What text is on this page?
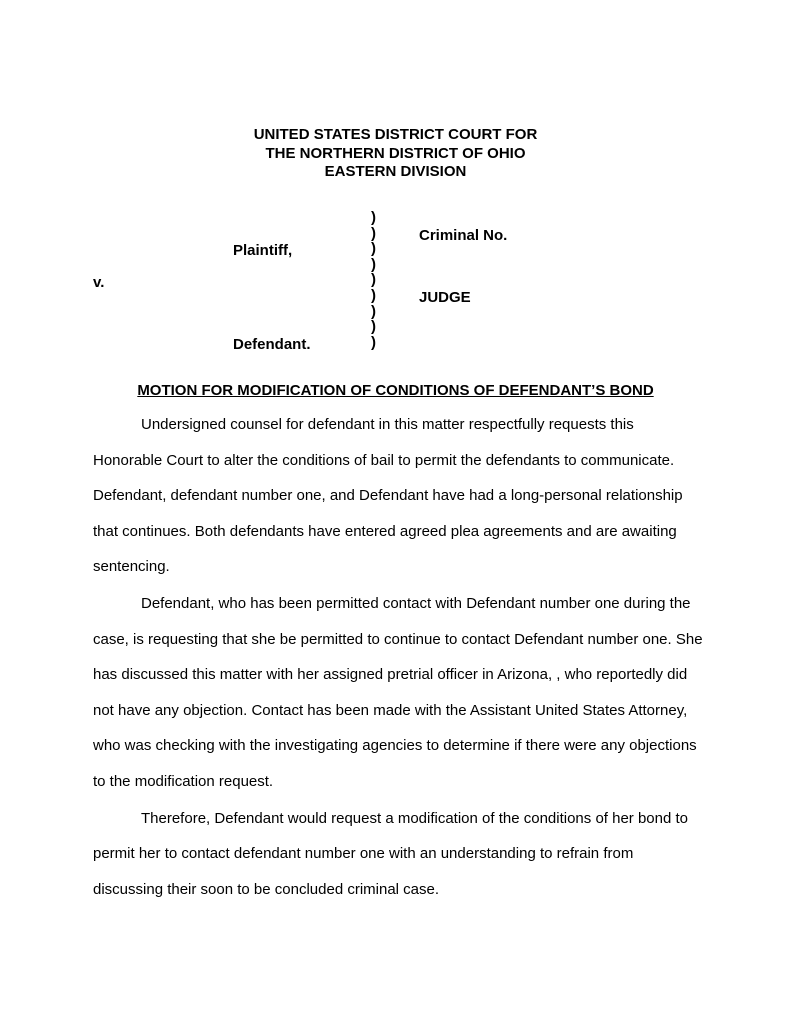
UNITED STATES DISTRICT COURT FOR
THE NORTHERN DISTRICT OF OHIO
EASTERN DIVISION
Plaintiff,
v.
Defendant.
)
)
)
)
)
)
)
)
)
Criminal No.
JUDGE
MOTION FOR MODIFICATION OF CONDITIONS OF DEFENDANT’S BOND

Undersigned counsel for defendant in this matter respectfully requests this Honorable Court to alter the conditions of bail to permit the defendants to communicate. Defendant, defendant number one, and Defendant have had a long-personal relationship that continues. Both defendants have entered agreed plea agreements and are awaiting sentencing.

Defendant, who has been permitted contact with Defendant number one during the case, is requesting that she be permitted to continue to contact Defendant number one. She has discussed this matter with her assigned pretrial officer in Arizona, , who reportedly did not have any objection. Contact has been made with the Assistant United States Attorney, who was checking with the investigating agencies to determine if there were any objections to the modification request.

Therefore, Defendant would request a modification of the conditions of her bond to permit her to contact defendant number one with an understanding to refrain from discussing their soon to be concluded criminal case.
